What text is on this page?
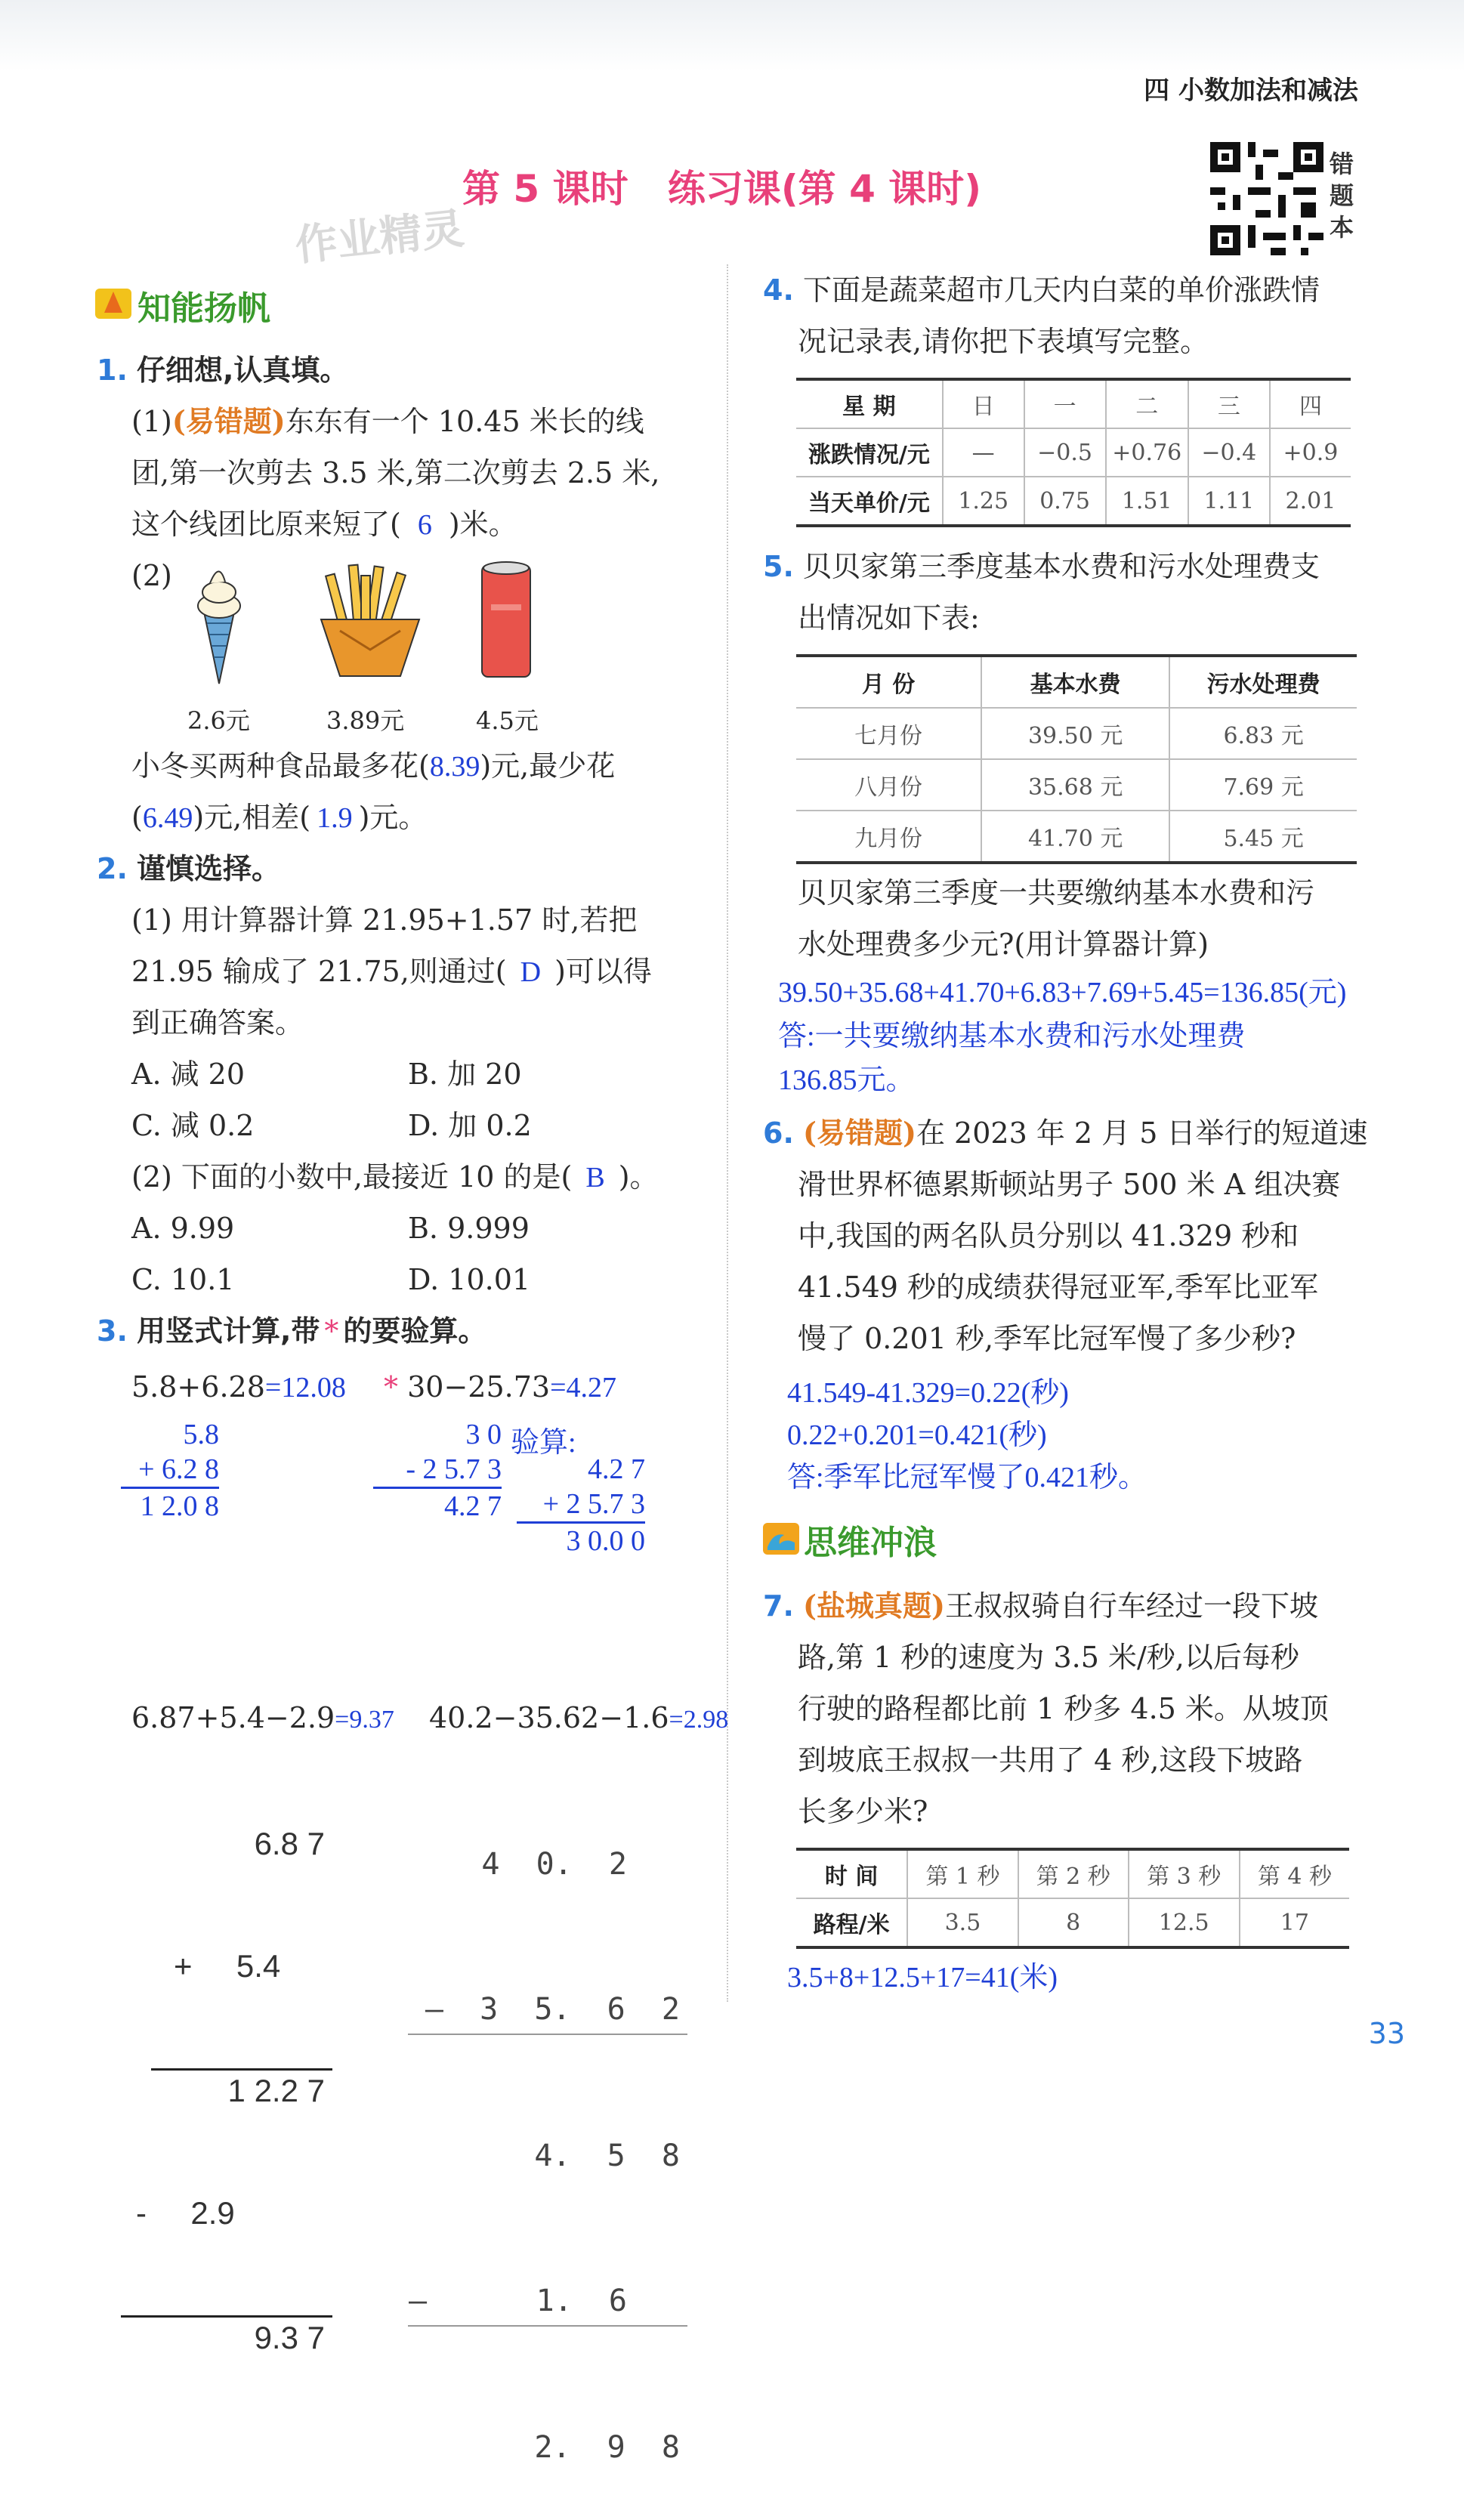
四 小数加法和减法
第 5 课时   练习课(第 4 课时)
作业精灵
错题本
知能扬帆
1. 仔细想,认真填。
(1)(易错题)东东有一个 10.45 米长的线
团,第一次剪去 3.5 米,第二次剪去 2.5 米,
这个线团比原来短了( 6 )米。
(2)
2.6元	3.89元	4.5元
小冬买两种食品最多花(8.39)元,最少花
(6.49)元,相差( 1.9 )元。
2. 谨慎选择。
(1) 用计算器计算 21.95+1.57 时,若把
21.95 输成了 21.75,则通过( D )可以得
到正确答案。
A. 减 20	B. 加 20
C. 减 0.2	D. 加 0.2
(2) 下面的小数中,最接近 10 的是( B )。
A. 9.99	B. 9.999
C. 10.1	D. 10.01
3. 用竖式计算,带 * 的要验算。
5.8+6.28=12.08 * 30−25.73=4.27
5.8
+ 6.2 8
1 2.0 8
3 0
- 2 5.7 3
4.2 7
验算:
4.2 7
+ 2 5.7 3
3 0.0 0
6.87+5.4−2.9=9.37 40.2−35.62−1.6=2.98

6.8 7

+     5.4

1 2.2 7

-     2.9

9.3 7

4  0.  2

—  3  5.  6  2

4.  5  8

—      1.  6

2.  9  8

4. 下面是蔬菜超市几天内白菜的单价涨跌情
况记录表,请你把下表填写完整。
星 期	日	一	二	三	四
涨跌情况/元	—	−0.5	+0.76	−0.4	+0.9
当天单价/元	1.25	0.75	1.51	1.11	2.01
5. 贝贝家第三季度基本水费和污水处理费支
出情况如下表:
月 份	基本水费	污水处理费
七月份	39.50 元	6.83 元
八月份	35.68 元	7.69 元
九月份	41.70 元	5.45 元
贝贝家第三季度一共要缴纳基本水费和污
水处理费多少元?(用计算器计算)
39.50+35.68+41.70+6.83+7.69+5.45=136.85(元)
答:一共要缴纳基本水费和污水处理费
136.85元。
6. (易错题)在 2023 年 2 月 5 日举行的短道速
滑世界杯德累斯顿站男子 500 米 A 组决赛
中,我国的两名队员分别以 41.329 秒和
41.549 秒的成绩获得冠亚军,季军比亚军
慢了 0.201 秒,季军比冠军慢了多少秒?
41.549-41.329=0.22(秒)
0.22+0.201=0.421(秒)
答:季军比冠军慢了0.421秒。
思维冲浪
7. (盐城真题)王叔叔骑自行车经过一段下坡
路,第 1 秒的速度为 3.5 米/秒,以后每秒
行驶的路程都比前 1 秒多 4.5 米。从坡顶
到坡底王叔叔一共用了 4 秒,这段下坡路
长多少米?
时 间	第 1 秒	第 2 秒	第 3 秒	第 4 秒
路程/米	3.5	8	12.5	17
3.5+8+12.5+17=41(米)
33
